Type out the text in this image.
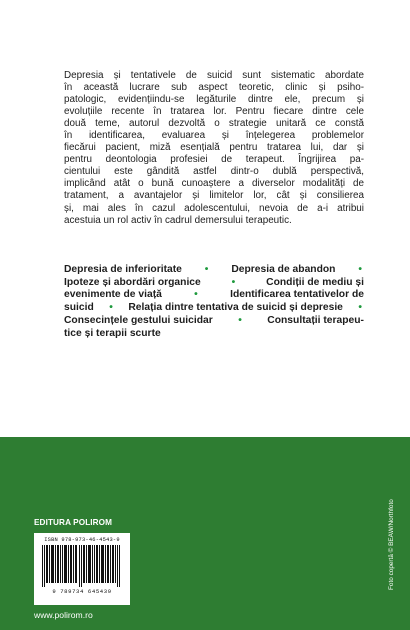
Depresia și tentativele de suicid sunt sistematic abordate
în această lucrare sub aspect teoretic, clinic și psiho-
patologic, evidențiindu-se legăturile dintre ele, precum și
evoluțiile recente în tratarea lor. Pentru fiecare dintre cele
două teme, autorul dezvoltă o strategie unitară ce constă
în identificarea, evaluarea și înțelegerea problemelor
fiecărui pacient, miză esențială pentru tratarea lui, dar și
pentru deontologia profesiei de terapeut. Îngrijirea pa-
cientului este gândită astfel dintr-o dublă perspectivă,
implicând atât o bună cunoaștere a diverselor modalități de
tratament, a avantajelor și limitelor lor, cât și consilierea
și, mai ales în cazul adolescentului, nevoia de a-i atribui
acestuia un rol activ în cadrul demersului terapeutic.
Depresia de inferioritate • Depresia de abandon •
Ipoteze și abordări organice	•	Condiții de mediu și
evenimente de viață	•	Identificarea tentativelor de
suicid • Relația dintre tentativa de suicid și depresie •
Consecințele gestului suicidar • Consultații terapeu-
tice și terapii scurte
EDITURA POLIROM
ISBN 978-973-46-4543-9
9 789734 645439
www.polirom.ro
Foto copertă © BEAW/Northfoto
